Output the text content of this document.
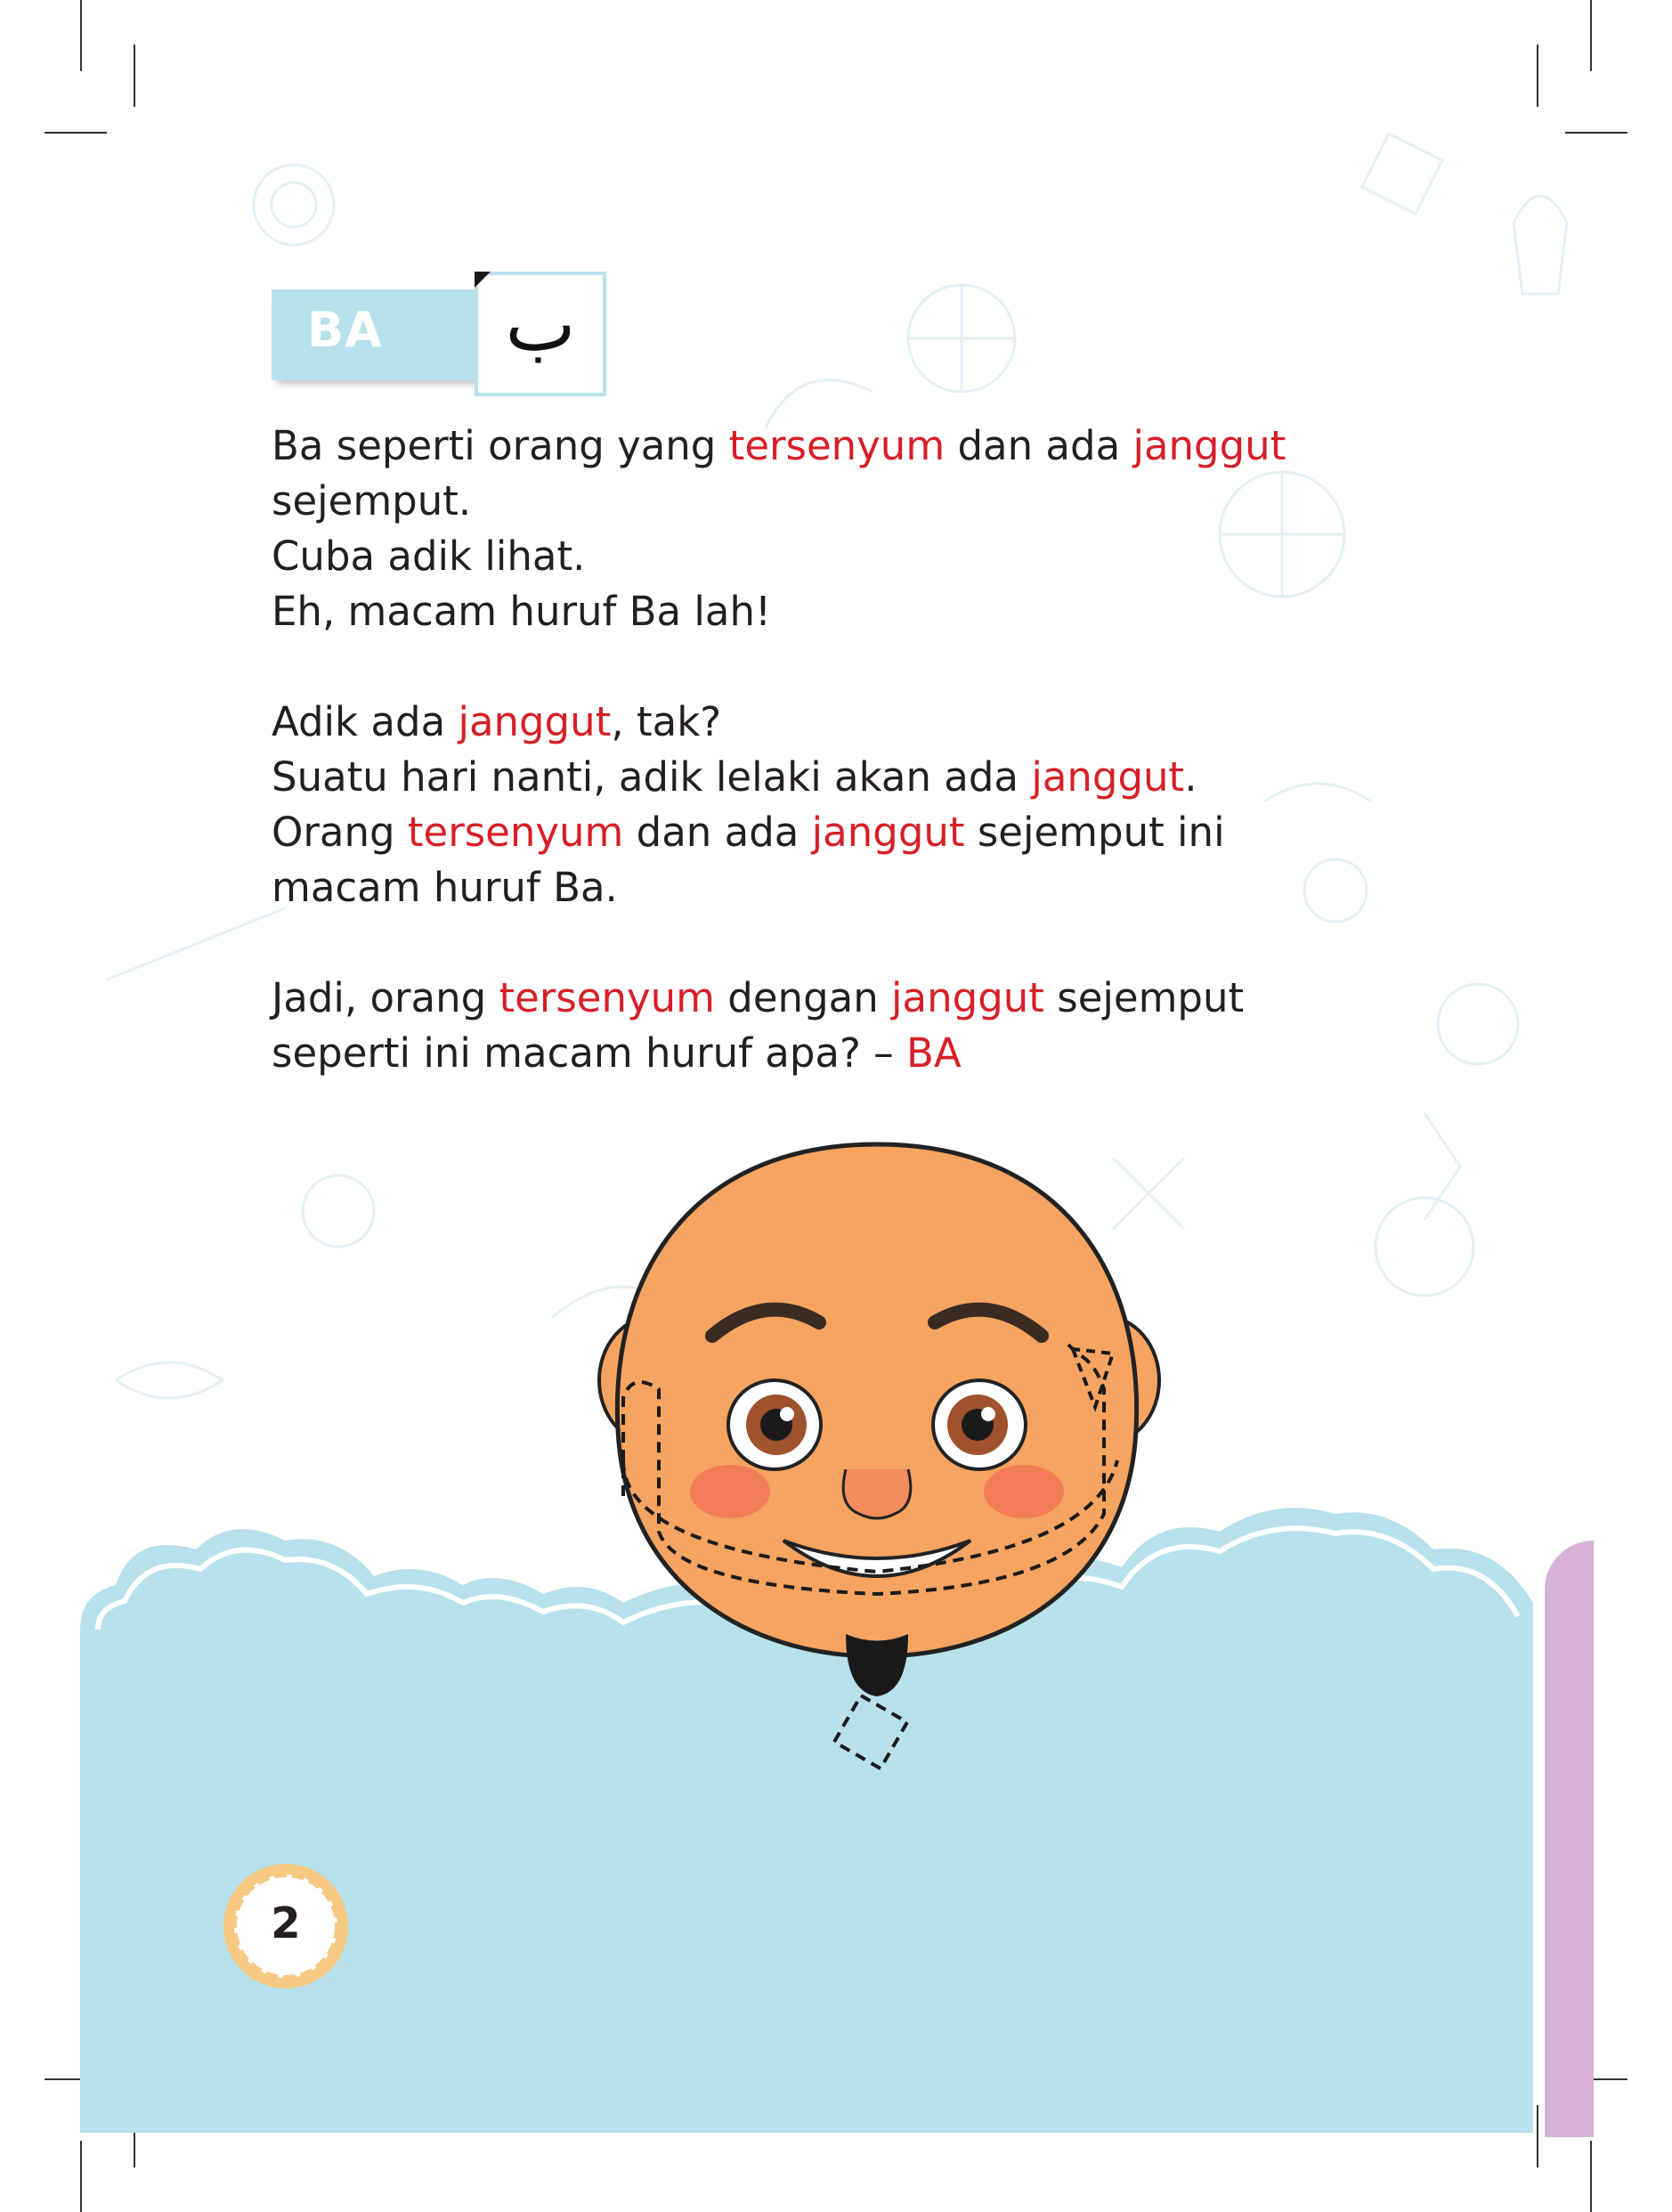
BA	ب
Ba seperti orang yang tersenyum dan ada janggut
sejemput.
Cuba adik lihat.
Eh, macam huruf Ba lah!
Adik ada janggut, tak?
Suatu hari nanti, adik lelaki akan ada janggut.
Orang tersenyum dan ada janggut sejemput ini
macam huruf Ba.
Jadi, orang tersenyum dengan janggut sejemput
seperti ini macam huruf apa? – BA
2
